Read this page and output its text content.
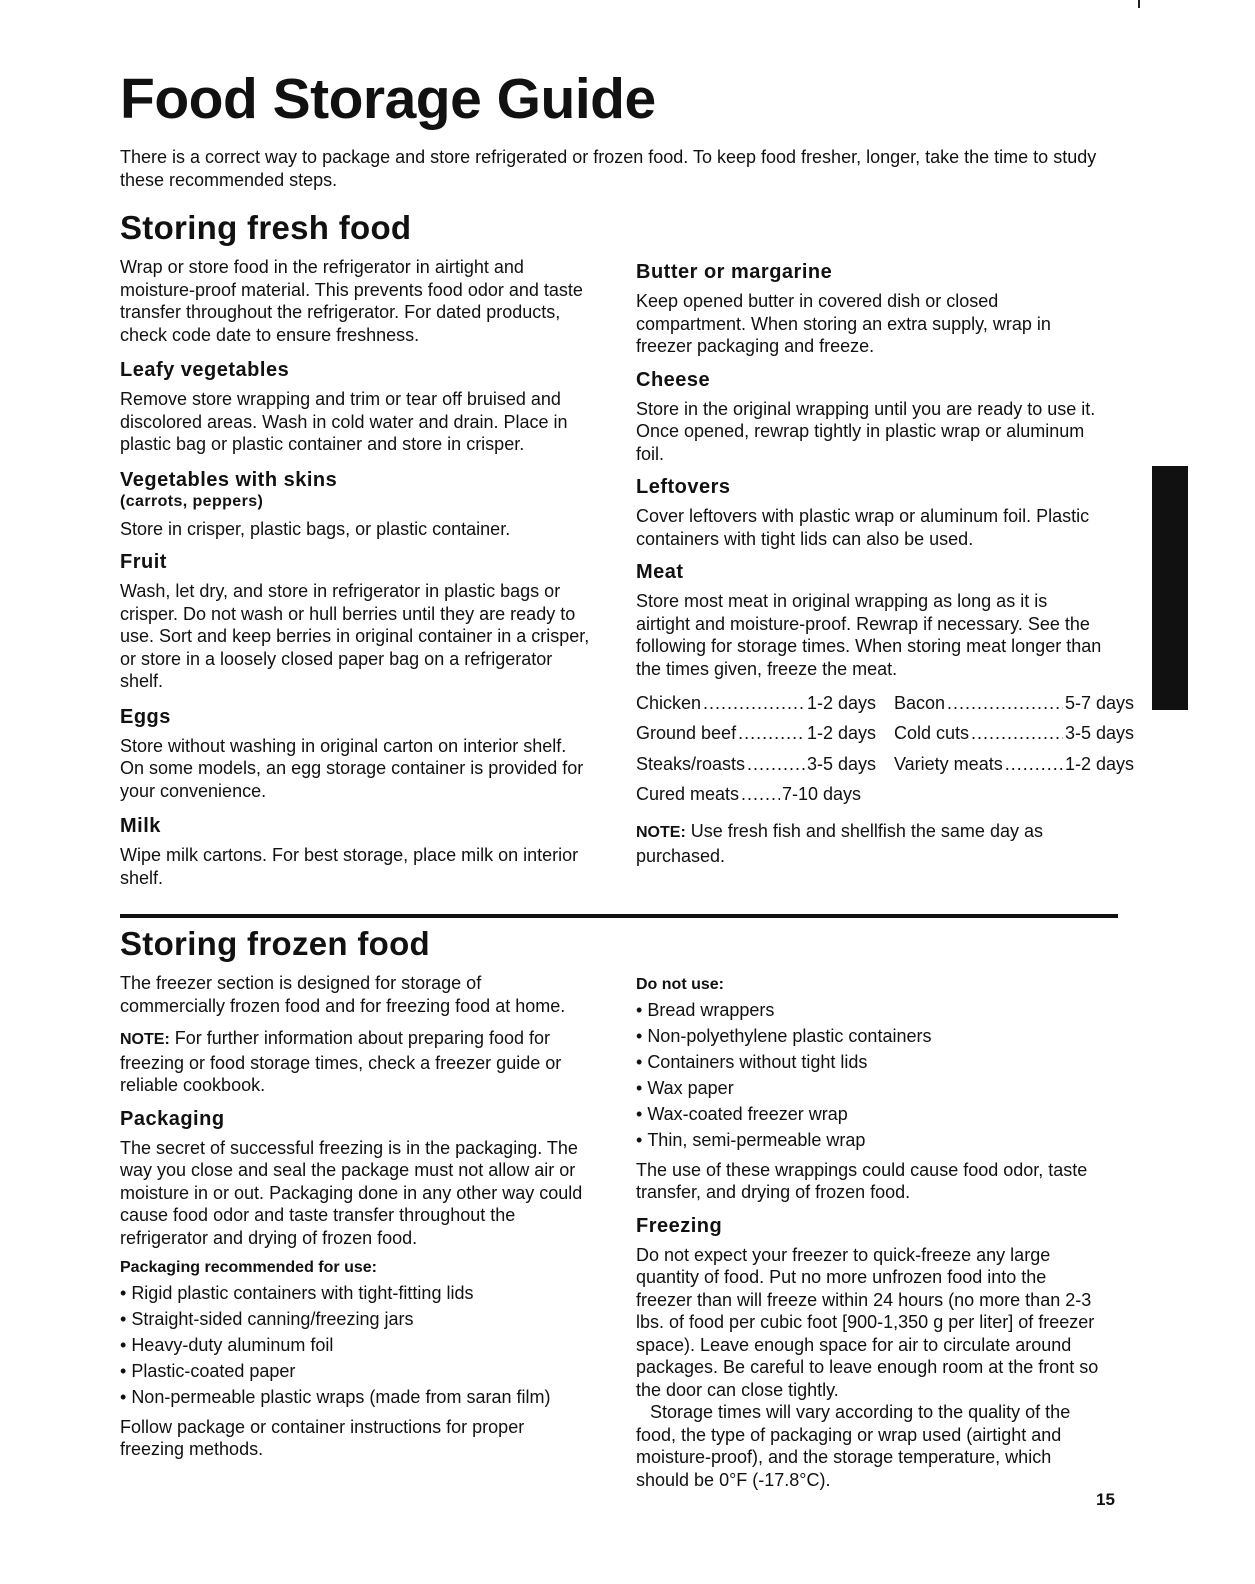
Food Storage Guide

There is a correct way to package and store refrigerated or frozen food. To keep food fresher, longer, take the time to study these recommended steps.

Storing fresh food

Wrap or store food in the refrigerator in airtight and moisture-proof material. This prevents food odor and taste transfer throughout the refrigerator. For dated products, check code date to ensure freshness.

Leafy vegetables

Remove store wrapping and trim or tear off bruised and discolored areas. Wash in cold water and drain. Place in plastic bag or plastic container and store in crisper.

Vegetables with skins
(carrots, peppers)

Store in crisper, plastic bags, or plastic container.

Fruit

Wash, let dry, and store in refrigerator in plastic bags or crisper. Do not wash or hull berries until they are ready to use. Sort and keep berries in original container in a crisper, or store in a loosely closed paper bag on a refrigerator shelf.

Eggs

Store without washing in original carton on interior shelf. On some models, an egg storage container is provided for your convenience.

Milk

Wipe milk cartons. For best storage, place milk on interior shelf.

Butter or margarine

Keep opened butter in covered dish or closed compartment. When storing an extra supply, wrap in freezer packaging and freeze.

Cheese

Store in the original wrapping until you are ready to use it. Once opened, rewrap tightly in plastic wrap or aluminum foil.

Leftovers

Cover leftovers with plastic wrap or aluminum foil. Plastic containers with tight lids can also be used.

Meat

Store most meat in original wrapping as long as it is airtight and moisture-proof. Rewrap if necessary. See the following for storage times. When storing meat longer than the times given, freeze the meat.

Chicken .....	1-2 days Bacon .....	5-7 days
Ground beef .....	1-2 days Cold cuts .....	3-5 days
Steaks/roasts .....	3-5 days Variety meats .....	1-2 days
Cured meats ..... 7-10 days

NOTE: Use fresh fish and shellfish the same day as purchased.

Storing frozen food

The freezer section is designed for storage of commercially frozen food and for freezing food at home.

NOTE: For further information about preparing food for freezing or food storage times, check a freezer guide or reliable cookbook.

Packaging

The secret of successful freezing is in the packaging. The way you close and seal the package must not allow air or moisture in or out. Packaging done in any other way could cause food odor and taste transfer throughout the refrigerator and drying of frozen food.

Packaging recommended for use:
• Rigid plastic containers with tight-fitting lids
• Straight-sided canning/freezing jars
• Heavy-duty aluminum foil
• Plastic-coated paper
• Non-permeable plastic wraps (made from saran film)

Follow package or container instructions for proper freezing methods.

Do not use:
• Bread wrappers
• Non-polyethylene plastic containers
• Containers without tight lids
• Wax paper
• Wax-coated freezer wrap
• Thin, semi-permeable wrap

The use of these wrappings could cause food odor, taste transfer, and drying of frozen food.

Freezing

Do not expect your freezer to quick-freeze any large quantity of food. Put no more unfrozen food into the freezer than will freeze within 24 hours (no more than 2-3 lbs. of food per cubic foot [900-1,350 g per liter] of freezer space). Leave enough space for air to circulate around packages. Be careful to leave enough room at the front so the door can close tightly.

Storage times will vary according to the quality of the food, the type of packaging or wrap used (airtight and moisture-proof), and the storage temperature, which should be 0°F (-17.8°C).

15
